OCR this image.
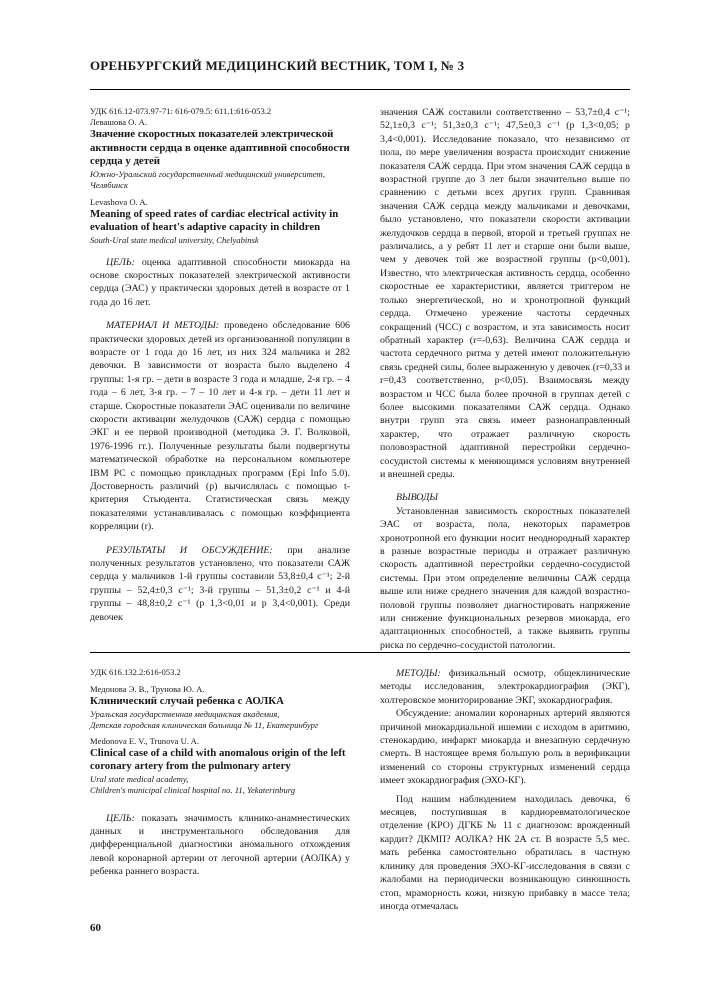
ОРЕНБУРГСКИЙ МЕДИЦИНСКИЙ ВЕСТНИК, ТОМ I, № 3

УДК 616.12-073.97-71: 616-079.5: 611.1:616-053.2

Левашова О. А.

Значение скоростных показателей электрической активности сердца в оценке адаптивной способности сердца у детей

Южно-Уральский государственный медицинский университет, Челябинск

Levashova O. A.

Meaning of speed rates of cardiac electrical activity in evaluation of heart's adaptive capacity in children

South-Ural state medical university, Chelyabinsk

ЦЕЛЬ: оценка адаптивной способности миокарда на основе скоростных показателей электрической активности сердца (ЭАС) у практически здоровых детей в возрасте от 1 года до 16 лет.

МАТЕРИАЛ И МЕТОДЫ: проведено обследование 606 практически здоровых детей из организованной популяции в возрасте от 1 года до 16 лет, из них 324 мальчика и 282 девочки. В зависимости от возраста было выделено 4 группы: 1-я гр. – дети в возрасте 3 года и младше, 2-я гр. – 4 года – 6 лет, 3-я гр. – 7 – 10 лет и 4-я гр. – дети 11 лет и старше. Скоростные показатели ЭАС оценивали по величине скорости активации желудочков (САЖ) сердца с помощью ЭКГ и ее первой производной (методика Э. Г. Волковой, 1976-1996 гг.). Полученные результаты были подвергнуты математической обработке на персональном компьютере IBM PC с помощью прикладных программ (Epi Info 5.0). Достоверность различий (р) вычислялась с помощью t-критерия Стьюдента. Статистическая связь между показателями устанавливалась с помощью коэффициента корреляции (r).

РЕЗУЛЬТАТЫ И ОБСУЖДЕНИЕ: при анализе полученных результатов установлено, что показатели САЖ сердца у мальчиков 1-й группы составили 53,8±0,4 с⁻¹; 2-й группы – 52,4±0,3 с⁻¹; 3-й группы – 51,3±0,2 с⁻¹ и 4-й группы – 48,8±0,2 с⁻¹ (р 1,3<0,01 и р 3,4<0,001). Среди девочек

значения САЖ составили соответственно – 53,7±0,4 с⁻¹; 52,1±0,3 с⁻¹; 51,3±0,3 с⁻¹; 47,5±0,3 с⁻¹ (р 1,3<0,05; р 3,4<0,001). Исследование показало, что независимо от пола, по мере увеличения возраста происходит снижение показателя САЖ сердца. При этом значения САЖ сердца в возрастной группе до 3 лет были значительно выше по сравнению с детьми всех других групп. Сравнивая значения САЖ сердца между мальчиками и девочками, было установлено, что показатели скорости активации желудочков сердца в первой, второй и третьей группах не различались, а у ребят 11 лет и старше они были выше, чем у девочек той же возрастной группы (р<0,001). Известно, что электрическая активность сердца, особенно скоростные ее характеристики, является триггером не только энергетической, но и хронотропной функций сердца. Отмечено урежение частоты сердечных сокращений (ЧСС) с возрастом, и эта зависимость носит обратный характер (r=-0,63). Величина САЖ сердца и частота сердечного ритма у детей имеют положительную связь средней силы, более выраженную у девочек (r=0,33 и r=0,43 соответственно, р<0,05). Взаимосвязь между возрастом и ЧСС была более прочной в группах детей с более высокими показателями САЖ сердца. Однако внутри групп эта связь имеет разнонаправленный характер, что отражает различную скорость половозрастной адаптивной перестройки сердечно-сосудистой системы к меняющимся условиям внутренней и внешней среды.

ВЫВОДЫ

Установленная зависимость скоростных показателей ЭАС от возраста, пола, некоторых параметров хронотропной его функции носит неоднородный характер в разные возрастные периоды и отражает различную скорость адаптивной перестройки сердечно-сосудистой системы. При этом определение величины САЖ сердца выше или ниже среднего значения для каждой возрастно-половой группы позволяет диагностировать напряжение или снижение функциональных резервов миокарда, его адаптационных способностей, а также выявить группы риска по сердечно-сосудистой патологии.

УДК 616.132.2:616-053.2

Медонова Э. В., Трунова Ю. А.

Клинический случай ребенка с АОЛКА

Уральская государственная медицинская академия,

Детская городская клиническая больница № 11, Екатеринбург

Medonova E. V., Trunova U. A.

Clinical case of a child with anomalous origin of the left coronary artery from the pulmonary artery

Ural state medical academy,

Children's municipal clinical hospital no. 11, Yekaterinburg

ЦЕЛЬ: показать значимость клинико-анамнестических данных и инструментального обследования для дифференциальной диагностики аномального отхождения левой коронарной артерии от легочной артерии (АОЛКА) у ребенка раннего возраста.

МЕТОДЫ: физикальный осмотр, общеклинические методы исследования, электрокардиография (ЭКГ), холтеровское мониторирование ЭКГ, эхокардиография.

Обсуждение: аномалии коронарных артерий являются причиной миокардиальной ишемии с исходом в аритмию, стенокардию, инфаркт миокарда и внезапную сердечную смерть. В настоящее время большую роль в верификации изменений со стороны структурных изменений сердца имеет эхокардиография (ЭХО-КГ).

Под нашим наблюдением находилась девочка, 6 месяцев, поступившая в кардиоревматологическое отделение (КРО) ДГКБ № 11 с диагнозом: врожденный кардит? ДКМП? АОЛКА? НК 2А ст. В возрасте 5,5 мес. мать ребенка самостоятельно обратилась в частную клинику для проведения ЭХО-КГ-исследования в связи с жалобами на периодически возникающую синюшность стоп, мраморность кожи, низкую прибавку в массе тела; иногда отмечалась

60
